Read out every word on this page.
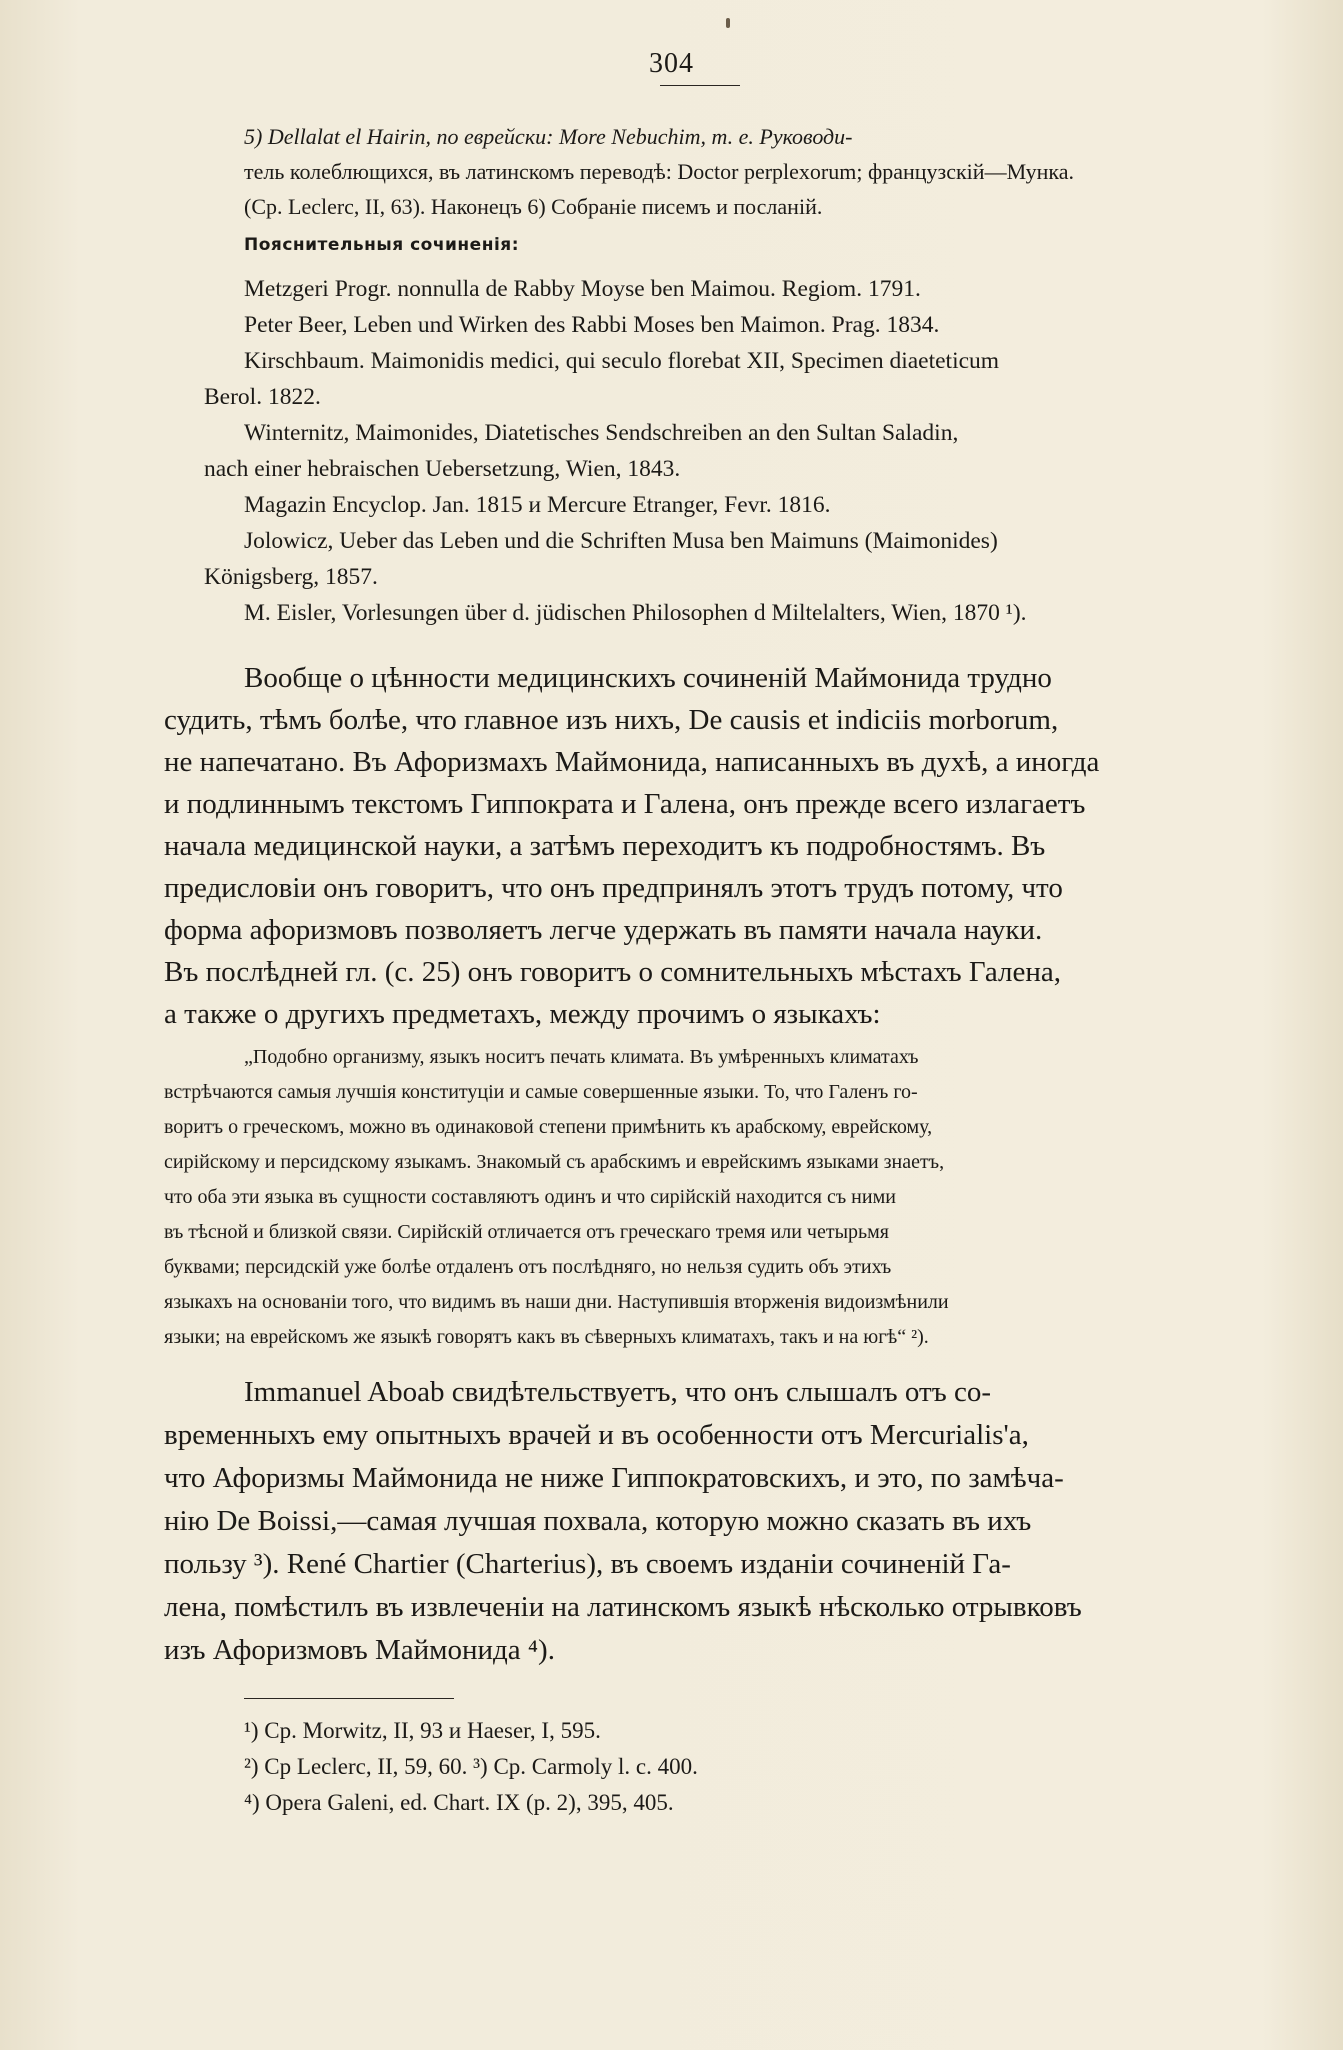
304
5) Dellalat el Hairin, по еврейски: More Nebuchim, т. е. Руководи-
тель колеблющихся, въ латинскомъ переводѣ: Doctor perplexorum; французскій—Мунка.
(Ср. Leclerc, II, 63). Наконецъ 6) Собраніе писемъ и посланій.
Пояснительныя сочиненія:
Metzgeri Progr. nonnulla de Rabby Moyse ben Maimou. Regiom. 1791.
Peter Beer, Leben und Wirken des Rabbi Moses ben Maimon. Prag. 1834.
Kirschbaum. Maimonidis medici, qui seculo florebat XII, Specimen diaeteticum
Berol. 1822.
Winternitz, Maimonides, Diatetisches Sendschreiben an den Sultan Saladin,
nach einer hebraischen Uebersetzung, Wien, 1843.
Magazin Encyclop. Jan. 1815 и Mercure Etranger, Fevr. 1816.
Jolowicz, Ueber das Leben und die Schriften Musa ben Maimuns (Maimonides)
Königsberg, 1857.
M. Eisler, Vorlesungen über d. jüdischen Philosophen d Miltelalters, Wien, 1870 ¹).
Вообще о цѣнности медицинскихъ сочиненій Маймонида трудно
судить, тѣмъ болѣе, что главное изъ нихъ, De causis et indiciis morborum,
не напечатано. Въ Афоризмахъ Маймонида, написанныхъ въ духѣ, а иногда
и подлиннымъ текстомъ Гиппократа и Галена, онъ прежде всего излагаетъ
начала медицинской науки, а затѣмъ переходитъ къ подробностямъ. Въ
предисловіи онъ говоритъ, что онъ предпринялъ этотъ трудъ потому, что
форма афоризмовъ позволяетъ легче удержать въ памяти начала науки.
Въ послѣдней гл. (с. 25) онъ говоритъ о сомнительныхъ мѣстахъ Галена,
а также о другихъ предметахъ, между прочимъ о языкахъ:
„Подобно организму, языкъ носитъ печать климата. Въ умѣренныхъ климатахъ
встрѣчаются самыя лучшія конституціи и самые совершенные языки. То, что Галенъ го-
воритъ о греческомъ, можно въ одинаковой степени примѣнить къ арабскому, еврейскому,
сирійскому и персидскому языкамъ. Знакомый съ арабскимъ и еврейскимъ языками знаетъ,
что оба эти языка въ сущности составляютъ одинъ и что сирійскій находится съ ними
въ тѣсной и близкой связи. Сирійскій отличается отъ греческаго тремя или четырьмя
буквами; персидскій уже болѣе отдаленъ отъ послѣдняго, но нельзя судить объ этихъ
языкахъ на основаніи того, что видимъ въ наши дни. Наступившія вторженія видоизмѣнили
языки; на еврейскомъ же языкѣ говорятъ какъ въ сѣверныхъ климатахъ, такъ и на югѣ“ ²).
Immanuel Aboab свидѣтельствуетъ, что онъ слышалъ отъ со-
временныхъ ему опытныхъ врачей и въ особенности отъ Mercurialis'a,
что Афоризмы Маймонида не ниже Гиппократовскихъ, и это, по замѣча-
нію De Boissi,—самая лучшая похвала, которую можно сказать въ ихъ
пользу ³). René Chartier (Charterius), въ своемъ изданіи сочиненій Га-
лена, помѣстилъ въ извлеченіи на латинскомъ языкѣ нѣсколько отрывковъ
изъ Афоризмовъ Маймонида ⁴).
¹) Ср. Morwitz, II, 93 и Haeser, I, 595.
²) Ср Leclerc, II, 59, 60. ³) Ср. Carmoly l. c. 400.
⁴) Opera Galeni, ed. Chart. IX (p. 2), 395, 405.
